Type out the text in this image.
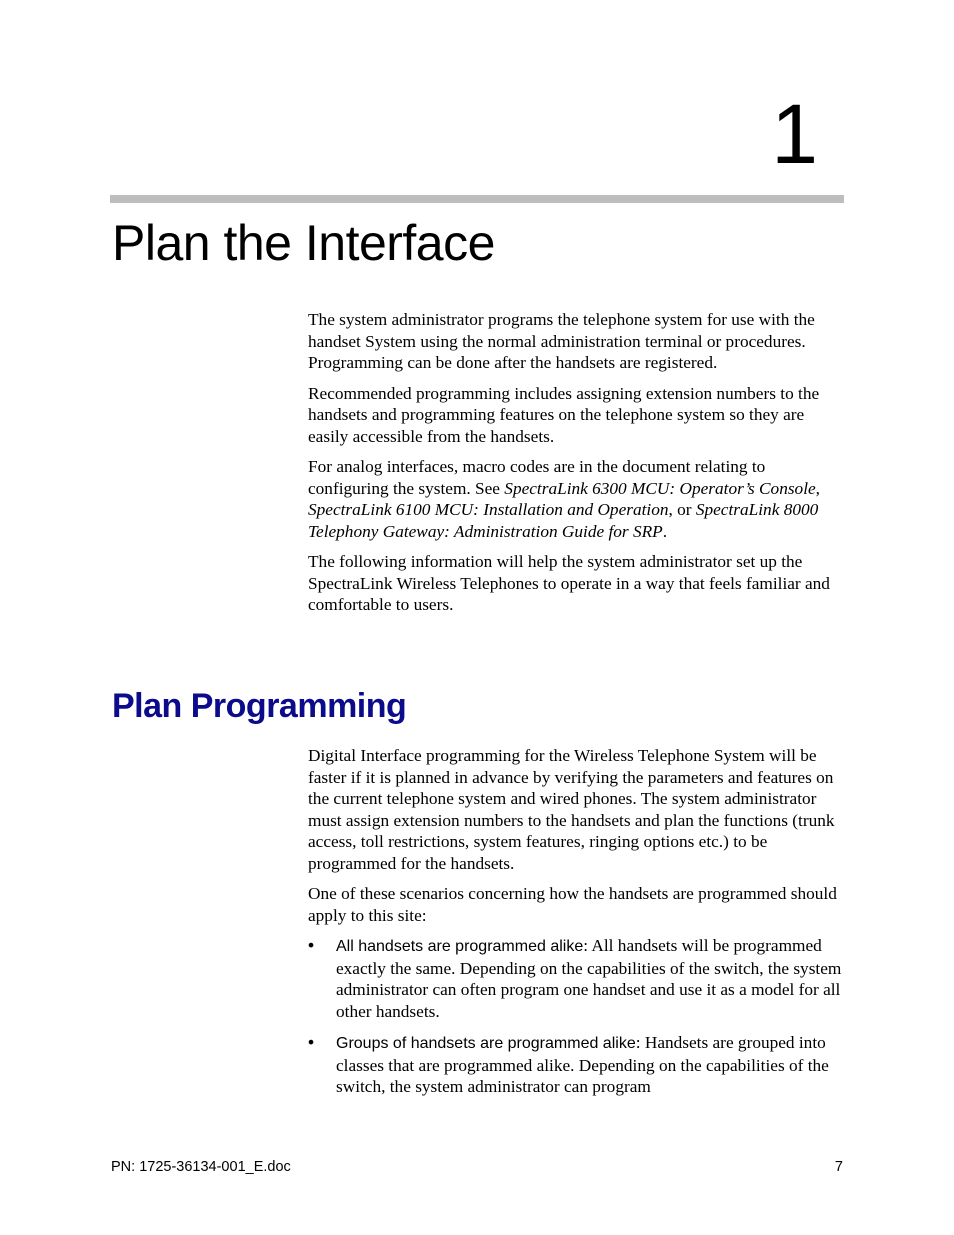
1
Plan the Interface

The system administrator programs the telephone system for use with the handset System using the normal administration terminal or procedures. Programming can be done after the handsets are registered.

Recommended programming includes assigning extension numbers to the handsets and programming features on the telephone system so they are easily accessible from the handsets.

For analog interfaces, macro codes are in the document relating to configuring the system. See SpectraLink 6300 MCU: Operator’s Console, SpectraLink 6100 MCU: Installation and Operation, or SpectraLink 8000 Telephony Gateway: Administration Guide for SRP.

The following information will help the system administrator set up the SpectraLink Wireless Telephones to operate in a way that feels familiar and comfortable to users.

Plan Programming

Digital Interface programming for the Wireless Telephone System will be faster if it is planned in advance by verifying the parameters and features on the current telephone system and wired phones. The system administrator must assign extension numbers to the handsets and plan the functions (trunk access, toll restrictions, system features, ringing options etc.) to be programmed for the handsets.

One of these scenarios concerning how the handsets are programmed should apply to this site:

• All handsets are programmed alike: All handsets will be programmed exactly the same. Depending on the capabilities of the switch, the system administrator can often program one handset and use it as a model for all other handsets.
• Groups of handsets are programmed alike: Handsets are grouped into classes that are programmed alike. Depending on the capabilities of the switch, the system administrator can program
PN: 1725-36134-001_E.doc	7
